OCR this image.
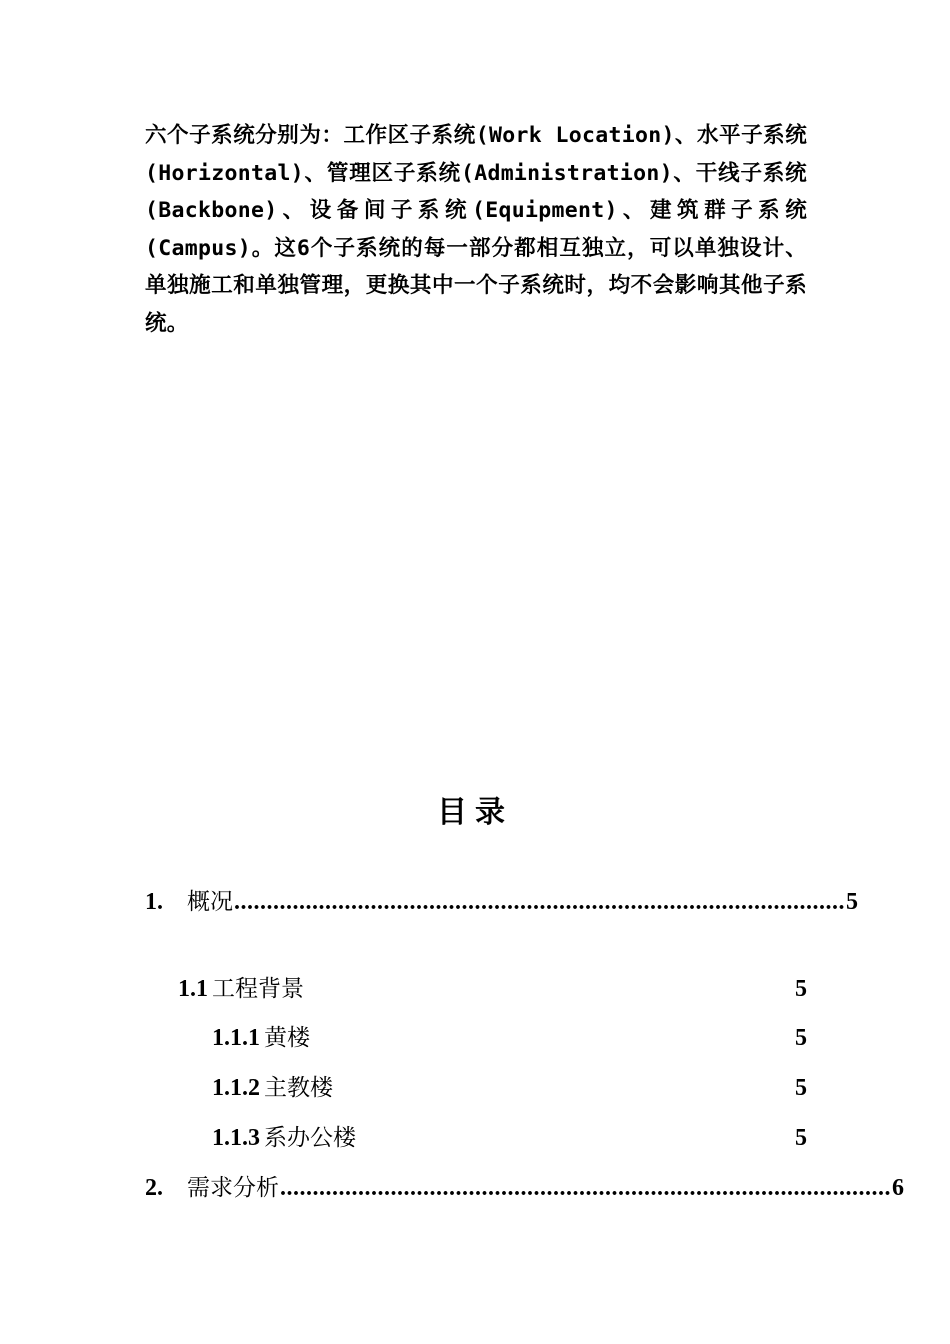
六个子系统分别为：工作区子系统(Work Location)、水平子系统(Horizontal)、管理区子系统(Administration)、干线子系统(Backbone)、设备间子系统(Equipment)、建筑群子系统(Campus)。这6个子系统的每一部分都相互独立，可以单独设计、单独施工和单独管理，更换其中一个子系统时，均不会影响其他子系统。
目录
1. 概况 .............................................................................................. 5
1.1 工程背景	5
1.1.1 黄楼	5
1.1.2 主教楼	5
1.1.3 系办公楼	5
2. 需求分析 .............................................................................................. 6
